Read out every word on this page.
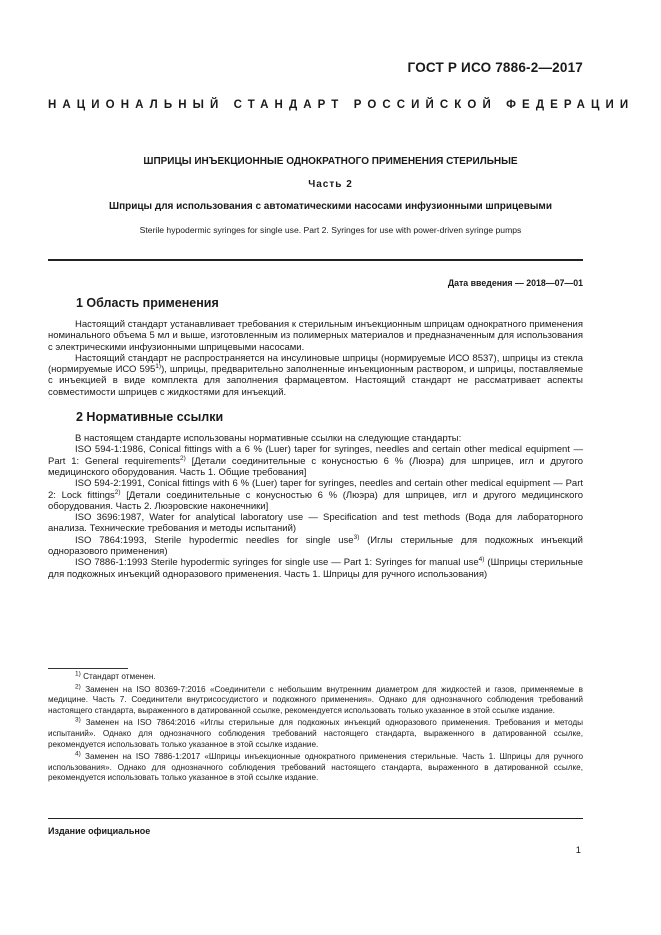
ГОСТ Р ИСО 7886-2—2017
НАЦИОНАЛЬНЫЙ СТАНДАРТ РОССИЙСКОЙ ФЕДЕРАЦИИ
ШПРИЦЫ ИНЪЕКЦИОННЫЕ ОДНОКРАТНОГО ПРИМЕНЕНИЯ СТЕРИЛЬНЫЕ
Часть 2
Шприцы для использования с автоматическими насосами инфузионными шприцевыми
Sterile hypodermic syringes for single use. Part 2. Syringes for use with power-driven syringe pumps
Дата введения — 2018—07—01
1 Область применения

Настоящий стандарт устанавливает требования к стерильным инъекционным шприцам однократного применения номинального объема 5 мл и выше, изготовленным из полимерных материалов и предназначенным для использования с электрическими инфузионными шприцевыми насосами.

Настоящий стандарт не распространяется на инсулиновые шприцы (нормируемые ИСО 8537), шприцы из стекла (нормируемые ИСО 595$^{1)}$), шприцы, предварительно заполненные инъекционным раствором, и шприцы, поставляемые с инъекцией в виде комплекта для заполнения фармацевтом. Настоящий стандарт не рассматривает аспекты совместимости шприцев с жидкостями для инъекций.

2 Нормативные ссылки

В настоящем стандарте использованы нормативные ссылки на следующие стандарты:

ISO 594-1:1986, Conical fittings with a 6 % (Luer) taper for syringes, needles and certain other medical equipment — Part 1: General requirements$^{2)}$ [Детали соединительные с конусностью 6 % (Люэра) для шприцев, игл и другого медицинского оборудования. Часть 1. Общие требования]

ISO 594-2:1991, Conical fittings with 6 % (Luer) taper for syringes, needles and certain other medical equipment — Part 2: Lock fittings$^{2)}$ [Детали соединительные с конусностью 6 % (Люэра) для шприцев, игл и другого медицинского оборудования. Часть 2. Люэровские наконечники]

ISO 3696:1987, Water for analytical laboratory use — Specification and test methods (Вода для лабораторного анализа. Технические требования и методы испытаний)

ISO 7864:1993, Sterile hypodermic needles for single use$^{3)}$ (Иглы стерильные для подкожных инъекций одноразового применения)

ISO 7886-1:1993 Sterile hypodermic syringes for single use — Part 1: Syringes for manual use$^{4)}$ (Шприцы стерильные для подкожных инъекций одноразового применения. Часть 1. Шприцы для ручного использования)

$^{1)}$ Стандарт отменен.

$^{2)}$ Заменен на ISO 80369-7:2016 «Соединители с небольшим внутренним диаметром для жидкостей и газов, применяемые в медицине. Часть 7. Соединители внутрисосудистого и подкожного применения». Однако для однозначного соблюдения требований настоящего стандарта, выраженного в датированной ссылке, рекомендуется использовать только указанное в этой ссылке издание.

$^{3)}$ Заменен на ISO 7864:2016 «Иглы стерильные для подкожных инъекций одноразового применения. Требования и методы испытаний». Однако для однозначного соблюдения требований настоящего стандарта, выраженного в датированной ссылке, рекомендуется использовать только указанное в этой ссылке издание.

$^{4)}$ Заменен на ISO 7886-1:2017 «Шприцы инъекционные однократного применения стерильные. Часть 1. Шприцы для ручного использования». Однако для однозначного соблюдения требований настоящего стандарта, выраженного в датированной ссылке, рекомендуется использовать только указанное в этой ссылке издание.

Издание официальное
1
